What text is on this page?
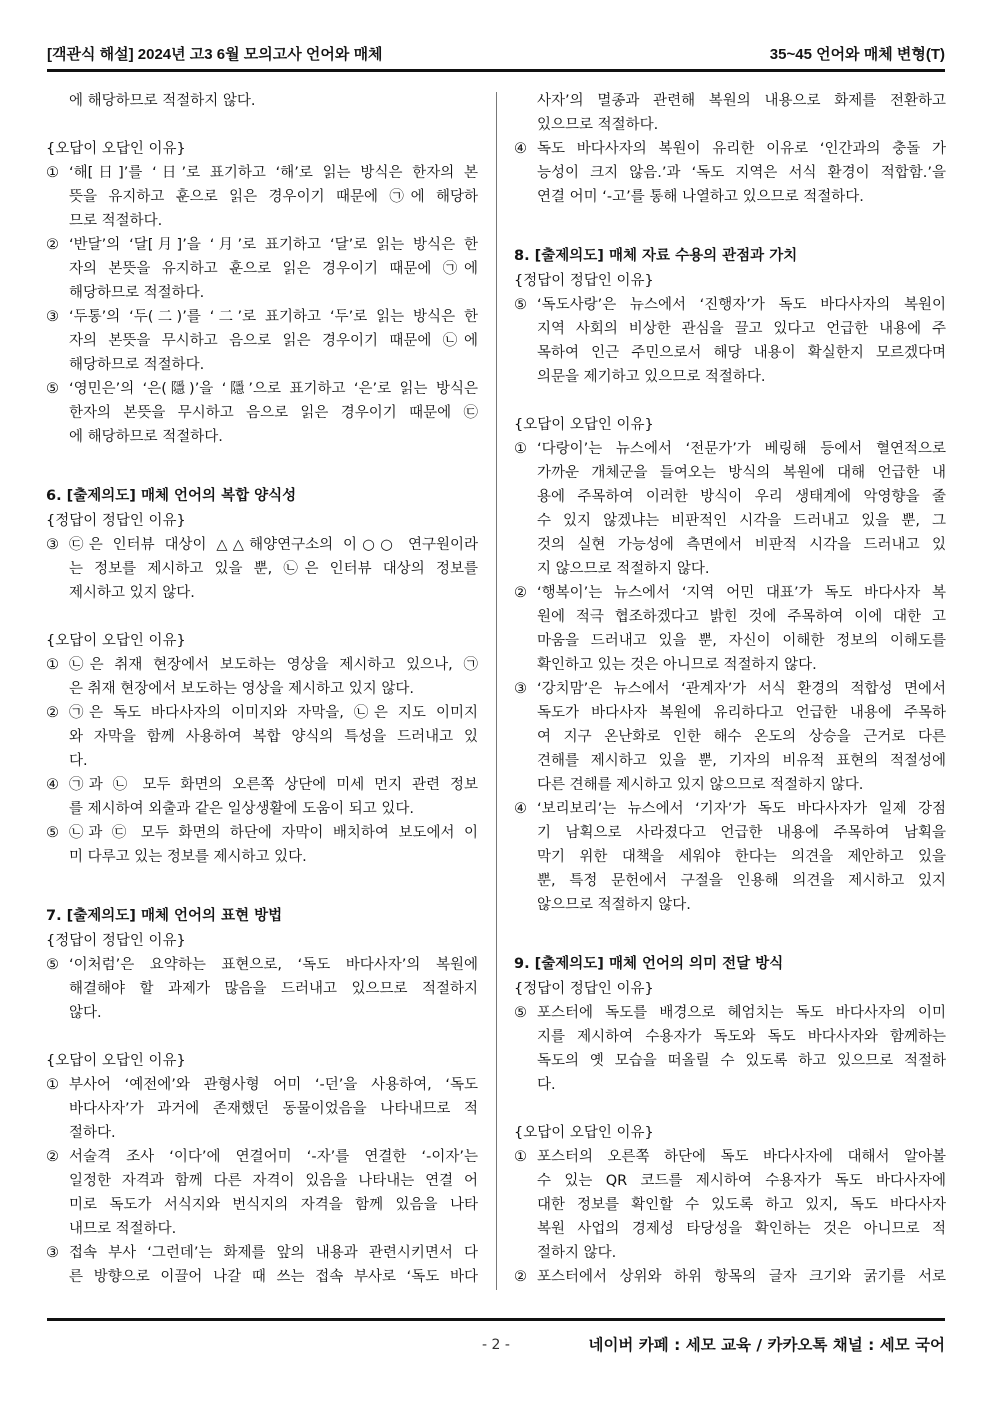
[객관식 해설] 2024년 고3 6월 모의고사 언어와 매체	35~45 언어와 매체 변형(T)
에 해당하므로 적절하지 않다.
{오답이 오답인 이유}
① ‘해[日]’를 ‘日’로 표기하고 ‘해’로 읽는 방식은 한자의 본
뜻을 유지하고 훈으로 읽은 경우이기 때문에 ㉠에 해당하
므로 적절하다.
② ‘반달’의 ‘달[月]’을 ‘月’로 표기하고 ‘달’로 읽는 방식은 한
자의 본뜻을 유지하고 훈으로 읽은 경우이기 때문에 ㉠에
해당하므로 적절하다.
③ ‘두통’의 ‘두(二)’를 ‘二’로 표기하고 ‘두’로 읽는 방식은 한
자의 본뜻을 무시하고 음으로 읽은 경우이기 때문에 ㉡에
해당하므로 적절하다.
⑤ ‘영민은’의 ‘은(隱)’을 ‘隱’으로 표기하고 ‘은’로 읽는 방식은
한자의 본뜻을 무시하고 음으로 읽은 경우이기 때문에 ㉢
에 해당하므로 적절하다.
6. [출제의도] 매체 언어의 복합 양식성
{정답이 정답인 이유}
③ ㉢은 인터뷰 대상이 △△해양연구소의 이○○ 연구원이라
는 정보를 제시하고 있을 뿐, ㉡은 인터뷰 대상의 정보를
제시하고 있지 않다.
{오답이 오답인 이유}
① ㉡은 취재 현장에서 보도하는 영상을 제시하고 있으나, ㉠
은 취재 현장에서 보도하는 영상을 제시하고 있지 않다.
② ㉠은 독도 바다사자의 이미지와 자막을, ㉡은 지도 이미지
와 자막을 함께 사용하여 복합 양식의 특성을 드러내고 있
다.
④ ㉠과 ㉡ 모두 화면의 오른쪽 상단에 미세 먼지 관련 정보
를 제시하여 외출과 같은 일상생활에 도움이 되고 있다.
⑤ ㉡과 ㉢ 모두 화면의 하단에 자막이 배치하여 보도에서 이
미 다루고 있는 정보를 제시하고 있다.
7. [출제의도] 매체 언어의 표현 방법
{정답이 정답인 이유}
⑤ ‘이처럼’은 요약하는 표현으로, ‘독도 바다사자’의 복원에
해결해야 할 과제가 많음을 드러내고 있으므로 적절하지
않다.
{오답이 오답인 이유}
① 부사어 ‘예전에’와 관형사형 어미 ‘-던’을 사용하여, ‘독도
바다사자’가 과거에 존재했던 동물이었음을 나타내므로 적
절하다.
② 서술격 조사 ‘이다’에 연결어미 ‘-자’를 연결한 ‘-이자’는
일정한 자격과 함께 다른 자격이 있음을 나타내는 연결 어
미로 독도가 서식지와 번식지의 자격을 함께 있음을 나타
내므로 적절하다.
③ 접속 부사 ‘그런데’는 화제를 앞의 내용과 관련시키면서 다
른 방향으로 이끌어 나갈 때 쓰는 접속 부사로 ‘독도 바다
사자’의 멸종과 관련해 복원의 내용으로 화제를 전환하고
있으므로 적절하다.
④ 독도 바다사자의 복원이 유리한 이유로 ‘인간과의 충돌 가
능성이 크지 않음.’과 ‘독도 지역은 서식 환경이 적합함.’을
연결 어미 ‘-고’를 통해 나열하고 있으므로 적절하다.
8. [출제의도] 매체 자료 수용의 관점과 가치
{정답이 정답인 이유}
⑤ ‘독도사랑’은 뉴스에서 ‘진행자’가 독도 바다사자의 복원이
지역 사회의 비상한 관심을 끌고 있다고 언급한 내용에 주
목하여 인근 주민으로서 해당 내용이 확실한지 모르겠다며
의문을 제기하고 있으므로 적절하다.
{오답이 오답인 이유}
① ‘다랑이’는 뉴스에서 ‘전문가’가 베링해 등에서 혈연적으로
가까운 개체군을 들여오는 방식의 복원에 대해 언급한 내
용에 주목하여 이러한 방식이 우리 생태계에 악영향을 줄
수 있지 않겠냐는 비판적인 시각을 드러내고 있을 뿐, 그
것의 실현 가능성에 측면에서 비판적 시각을 드러내고 있
지 않으므로 적절하지 않다.
② ‘행복이’는 뉴스에서 ‘지역 어민 대표’가 독도 바다사자 복
원에 적극 협조하겠다고 밝힌 것에 주목하여 이에 대한 고
마움을 드러내고 있을 뿐, 자신이 이해한 정보의 이해도를
확인하고 있는 것은 아니므로 적절하지 않다.
③ ‘강치맘’은 뉴스에서 ‘관계자’가 서식 환경의 적합성 면에서
독도가 바다사자 복원에 유리하다고 언급한 내용에 주목하
여 지구 온난화로 인한 해수 온도의 상승을 근거로 다른
견해를 제시하고 있을 뿐, 기자의 비유적 표현의 적절성에
다른 견해를 제시하고 있지 않으므로 적절하지 않다.
④ ‘보리보리’는 뉴스에서 ‘기자’가 독도 바다사자가 일제 강점
기 남획으로 사라졌다고 언급한 내용에 주목하여 남획을
막기 위한 대책을 세워야 한다는 의견을 제안하고 있을
뿐, 특정 문헌에서 구절을 인용해 의견을 제시하고 있지
않으므로 적절하지 않다.
9. [출제의도] 매체 언어의 의미 전달 방식
{정답이 정답인 이유}
⑤ 포스터에 독도를 배경으로 헤엄치는 독도 바다사자의 이미
지를 제시하여 수용자가 독도와 독도 바다사자와 함께하는
독도의 옛 모습을 떠올릴 수 있도록 하고 있으므로 적절하
다.
{오답이 오답인 이유}
① 포스터의 오른쪽 하단에 독도 바다사자에 대해서 알아볼
수 있는 QR 코드를 제시하여 수용자가 독도 바다사자에
대한 정보를 확인할 수 있도록 하고 있지, 독도 바다사자
복원 사업의 경제성 타당성을 확인하는 것은 아니므로 적
절하지 않다.
② 포스터에서 상위와 하위 항목의 글자 크기와 굵기를 서로
- 2 -	네이버 카페 : 세모 교육 / 카카오톡 채널 : 세모 국어
